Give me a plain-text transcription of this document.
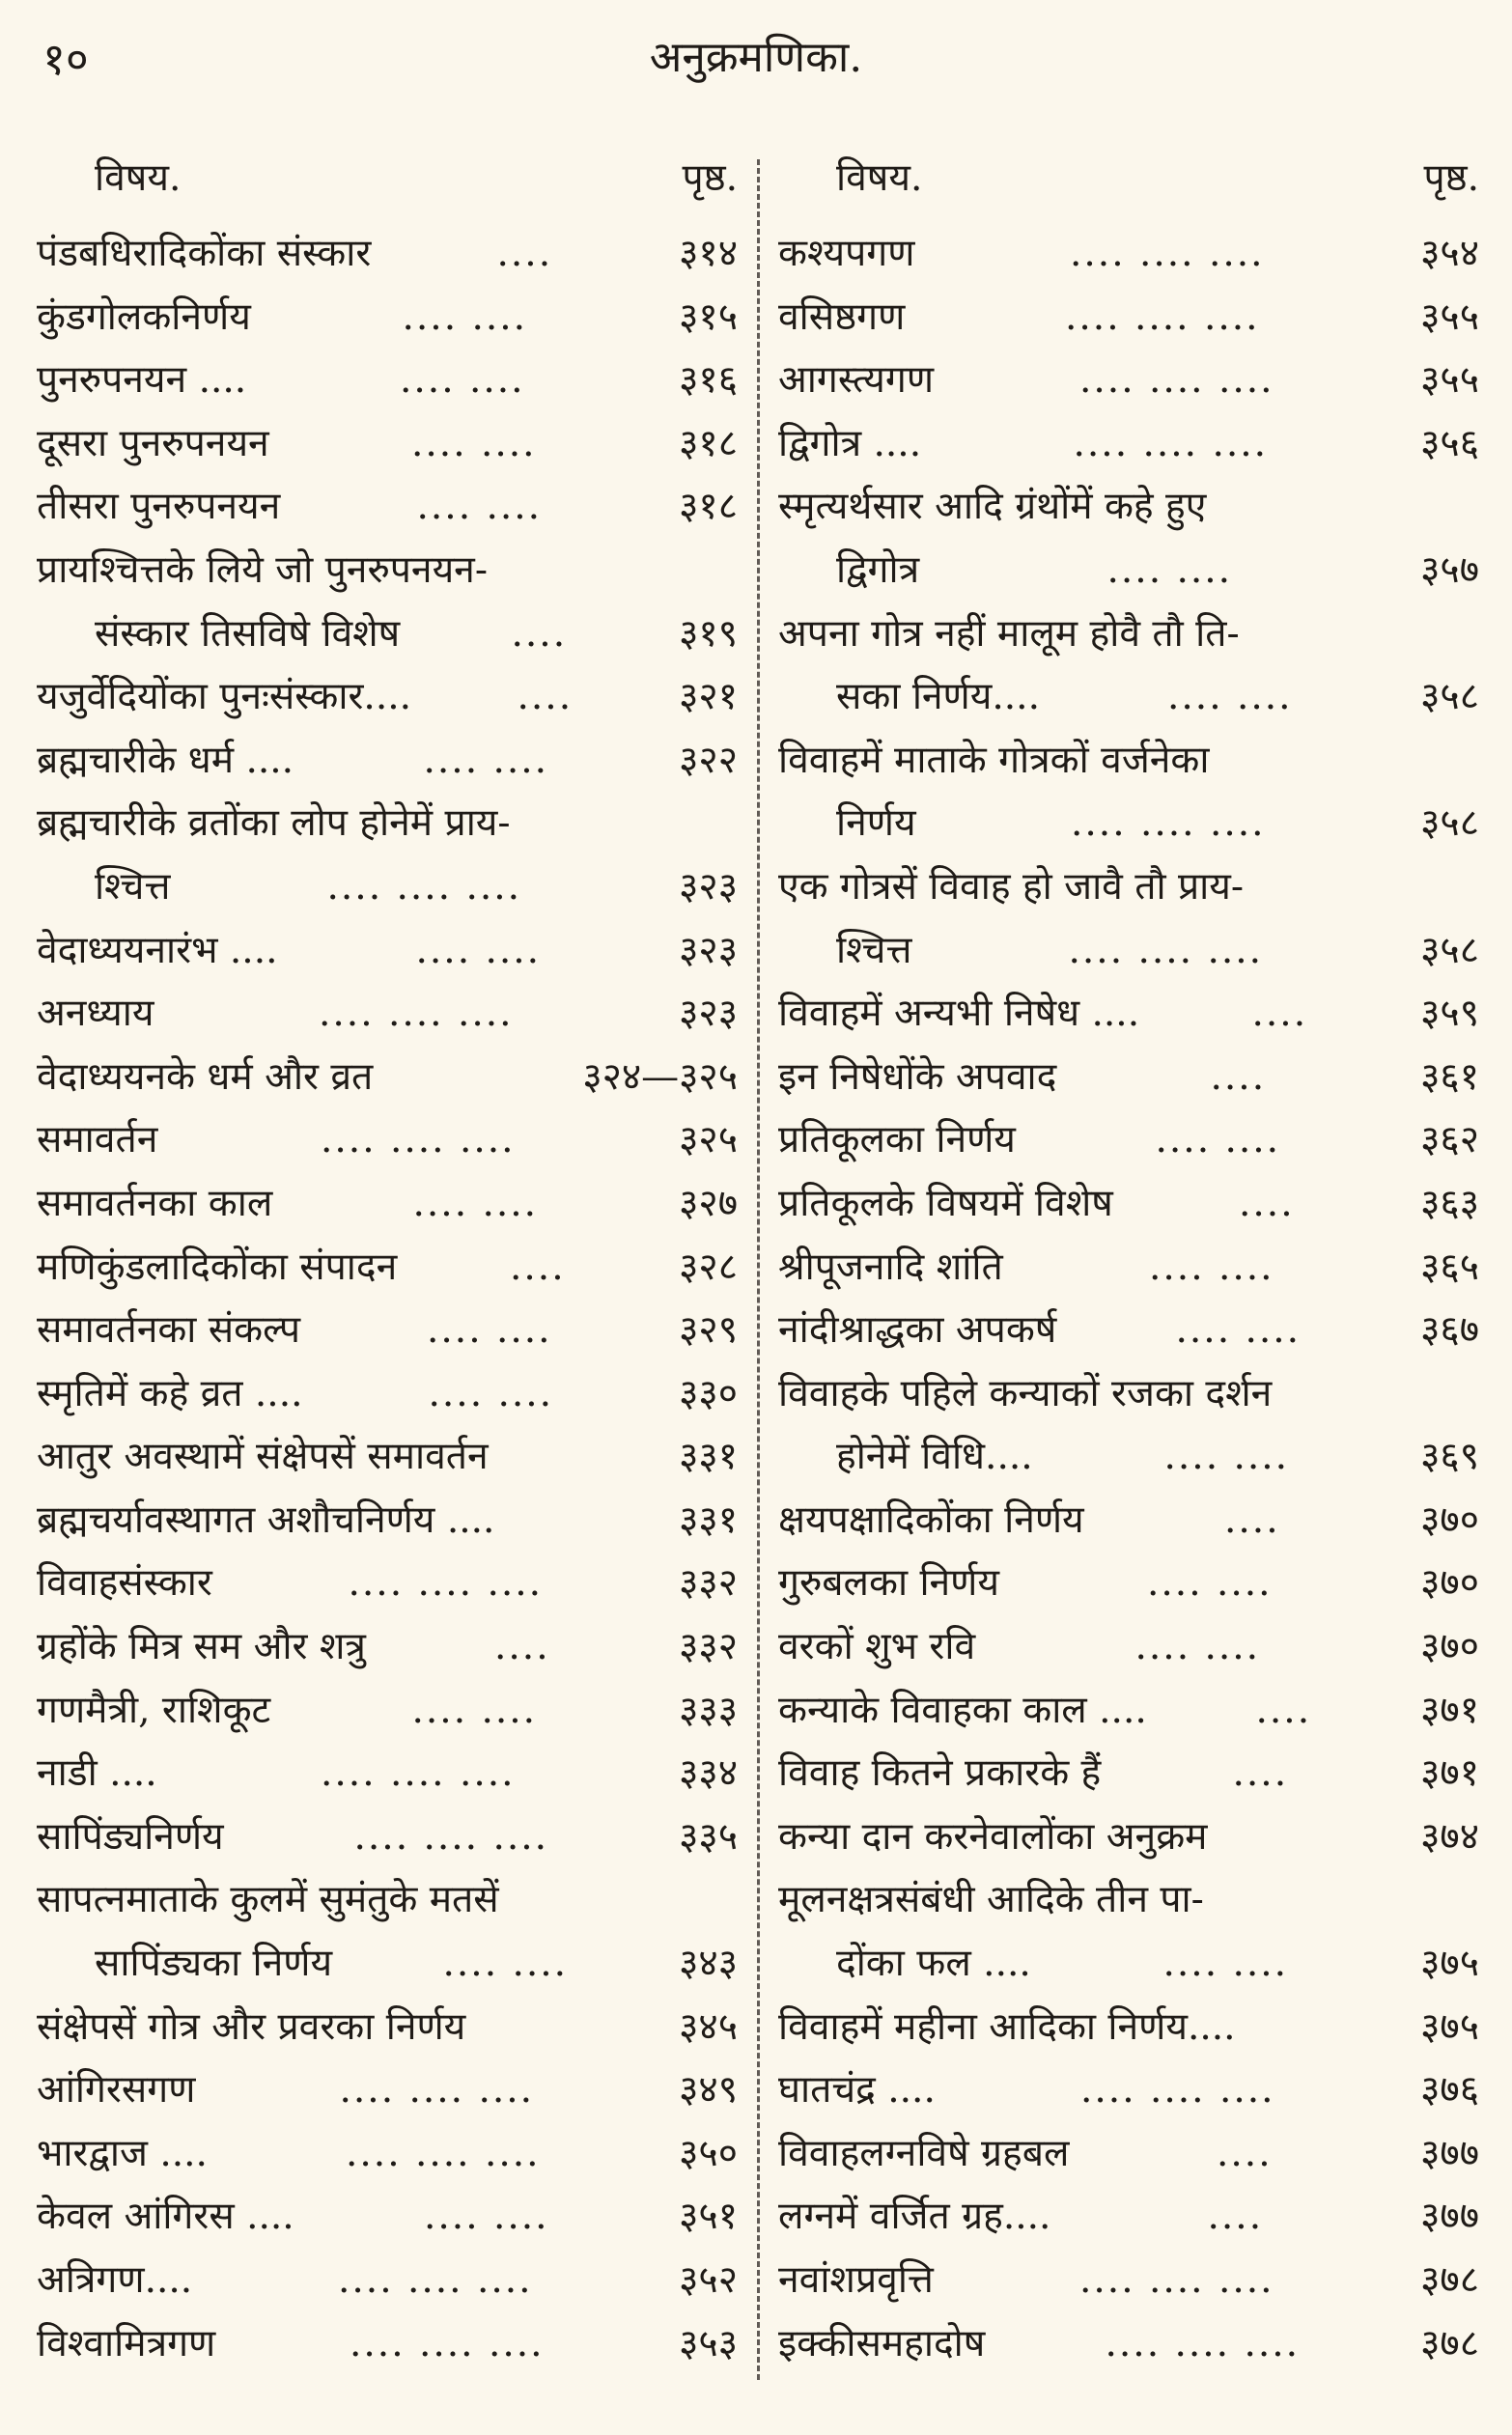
१०	अनुक्रमणिका.
विषय.	पृष्ठ.
पंडबधिरादिकोंका संस्कार	....	३१४
कुंडगोलकनिर्णय	.... ....	३१५
पुनरुपनयन ....	.... ....	३१६
दूसरा पुनरुपनयन	.... ....	३१८
तीसरा पुनरुपनयन	.... ....	३१८
प्रायश्चित्तके लिये जो पुनरुपनयन-
संस्कार तिसविषे विशेष	....	३१९
यजुर्वेदियोंका पुनःसंस्कार....	....	३२१
ब्रह्मचारीके धर्म ....	.... ....	३२२
ब्रह्मचारीके व्रतोंका लोप होनेमें प्राय-
श्चित्त	.... .... ....	३२३
वेदाध्ययनारंभ ....	.... ....	३२३
अनध्याय	.... .... ....	३२३
वेदाध्ययनके धर्म और व्रत	३२४—३२५
समावर्तन	.... .... ....	३२५
समावर्तनका काल	.... ....	३२७
मणिकुंडलादिकोंका संपादन	....	३२८
समावर्तनका संकल्प	.... ....	३२९
स्मृतिमें कहे व्रत ....	.... ....	३३०
आतुर अवस्थामें संक्षेपसें समावर्तन	३३१
ब्रह्मचर्यावस्थागत अशौचनिर्णय ....	३३१
विवाहसंस्कार	.... .... ....	३३२
ग्रहोंके मित्र सम और शत्रु	....	३३२
गणमैत्री, राशिकूट	.... ....	३३३
नाडी ....	.... .... ....	३३४
सापिंड्यनिर्णय	.... .... ....	३३५
सापत्नमाताके कुलमें सुमंतुके मतसें
सापिंड्यका निर्णय	.... ....	३४३
संक्षेपसें गोत्र और प्रवरका निर्णय	३४५
आंगिरसगण	.... .... ....	३४९
भारद्वाज ....	.... .... ....	३५०
केवल आंगिरस ....	.... ....	३५१
अत्रिगण....	.... .... ....	३५२
विश्वामित्रगण	.... .... ....	३५३
विषय.	पृष्ठ.
कश्यपगण	.... .... ....	३५४
वसिष्ठगण	.... .... ....	३५५
आगस्त्यगण	.... .... ....	३५५
द्विगोत्र ....	.... .... ....	३५६
स्मृत्यर्थसार आदि ग्रंथोंमें कहे हुए
द्विगोत्र	.... ....	३५७
अपना गोत्र नहीं मालूम होवै तौ ति-
सका निर्णय....	.... ....	३५८
विवाहमें माताके गोत्रकों वर्जनेका
निर्णय	.... .... ....	३५८
एक गोत्रसें विवाह हो जावै तौ प्राय-
श्चित्त	.... .... ....	३५८
विवाहमें अन्यभी निषेध ....	....	३५९
इन निषेधोंके अपवाद	....	३६१
प्रतिकूलका निर्णय	.... ....	३६२
प्रतिकूलके विषयमें विशेष	....	३६३
श्रीपूजनादि शांति	.... ....	३६५
नांदीश्राद्धका अपकर्ष	.... ....	३६७
विवाहके पहिले कन्याकों रजका दर्शन
होनेमें विधि....	.... ....	३६९
क्षयपक्षादिकोंका निर्णय	....	३७०
गुरुबलका निर्णय	.... ....	३७०
वरकों शुभ रवि	.... ....	३७०
कन्याके विवाहका काल ....	....	३७१
विवाह कितने प्रकारके हैं	....	३७१
कन्या दान करनेवालोंका अनुक्रम	३७४
मूलनक्षत्रसंबंधी आदिके तीन पा-
दोंका फल ....	.... ....	३७५
विवाहमें महीना आदिका निर्णय....	३७५
घातचंद्र ....	.... .... ....	३७६
विवाहलग्नविषे ग्रहबल	....	३७७
लग्नमें वर्जित ग्रह....	....	३७७
नवांशप्रवृत्ति	.... .... ....	३७८
इक्कीसमहादोष	.... .... ....	३७८
